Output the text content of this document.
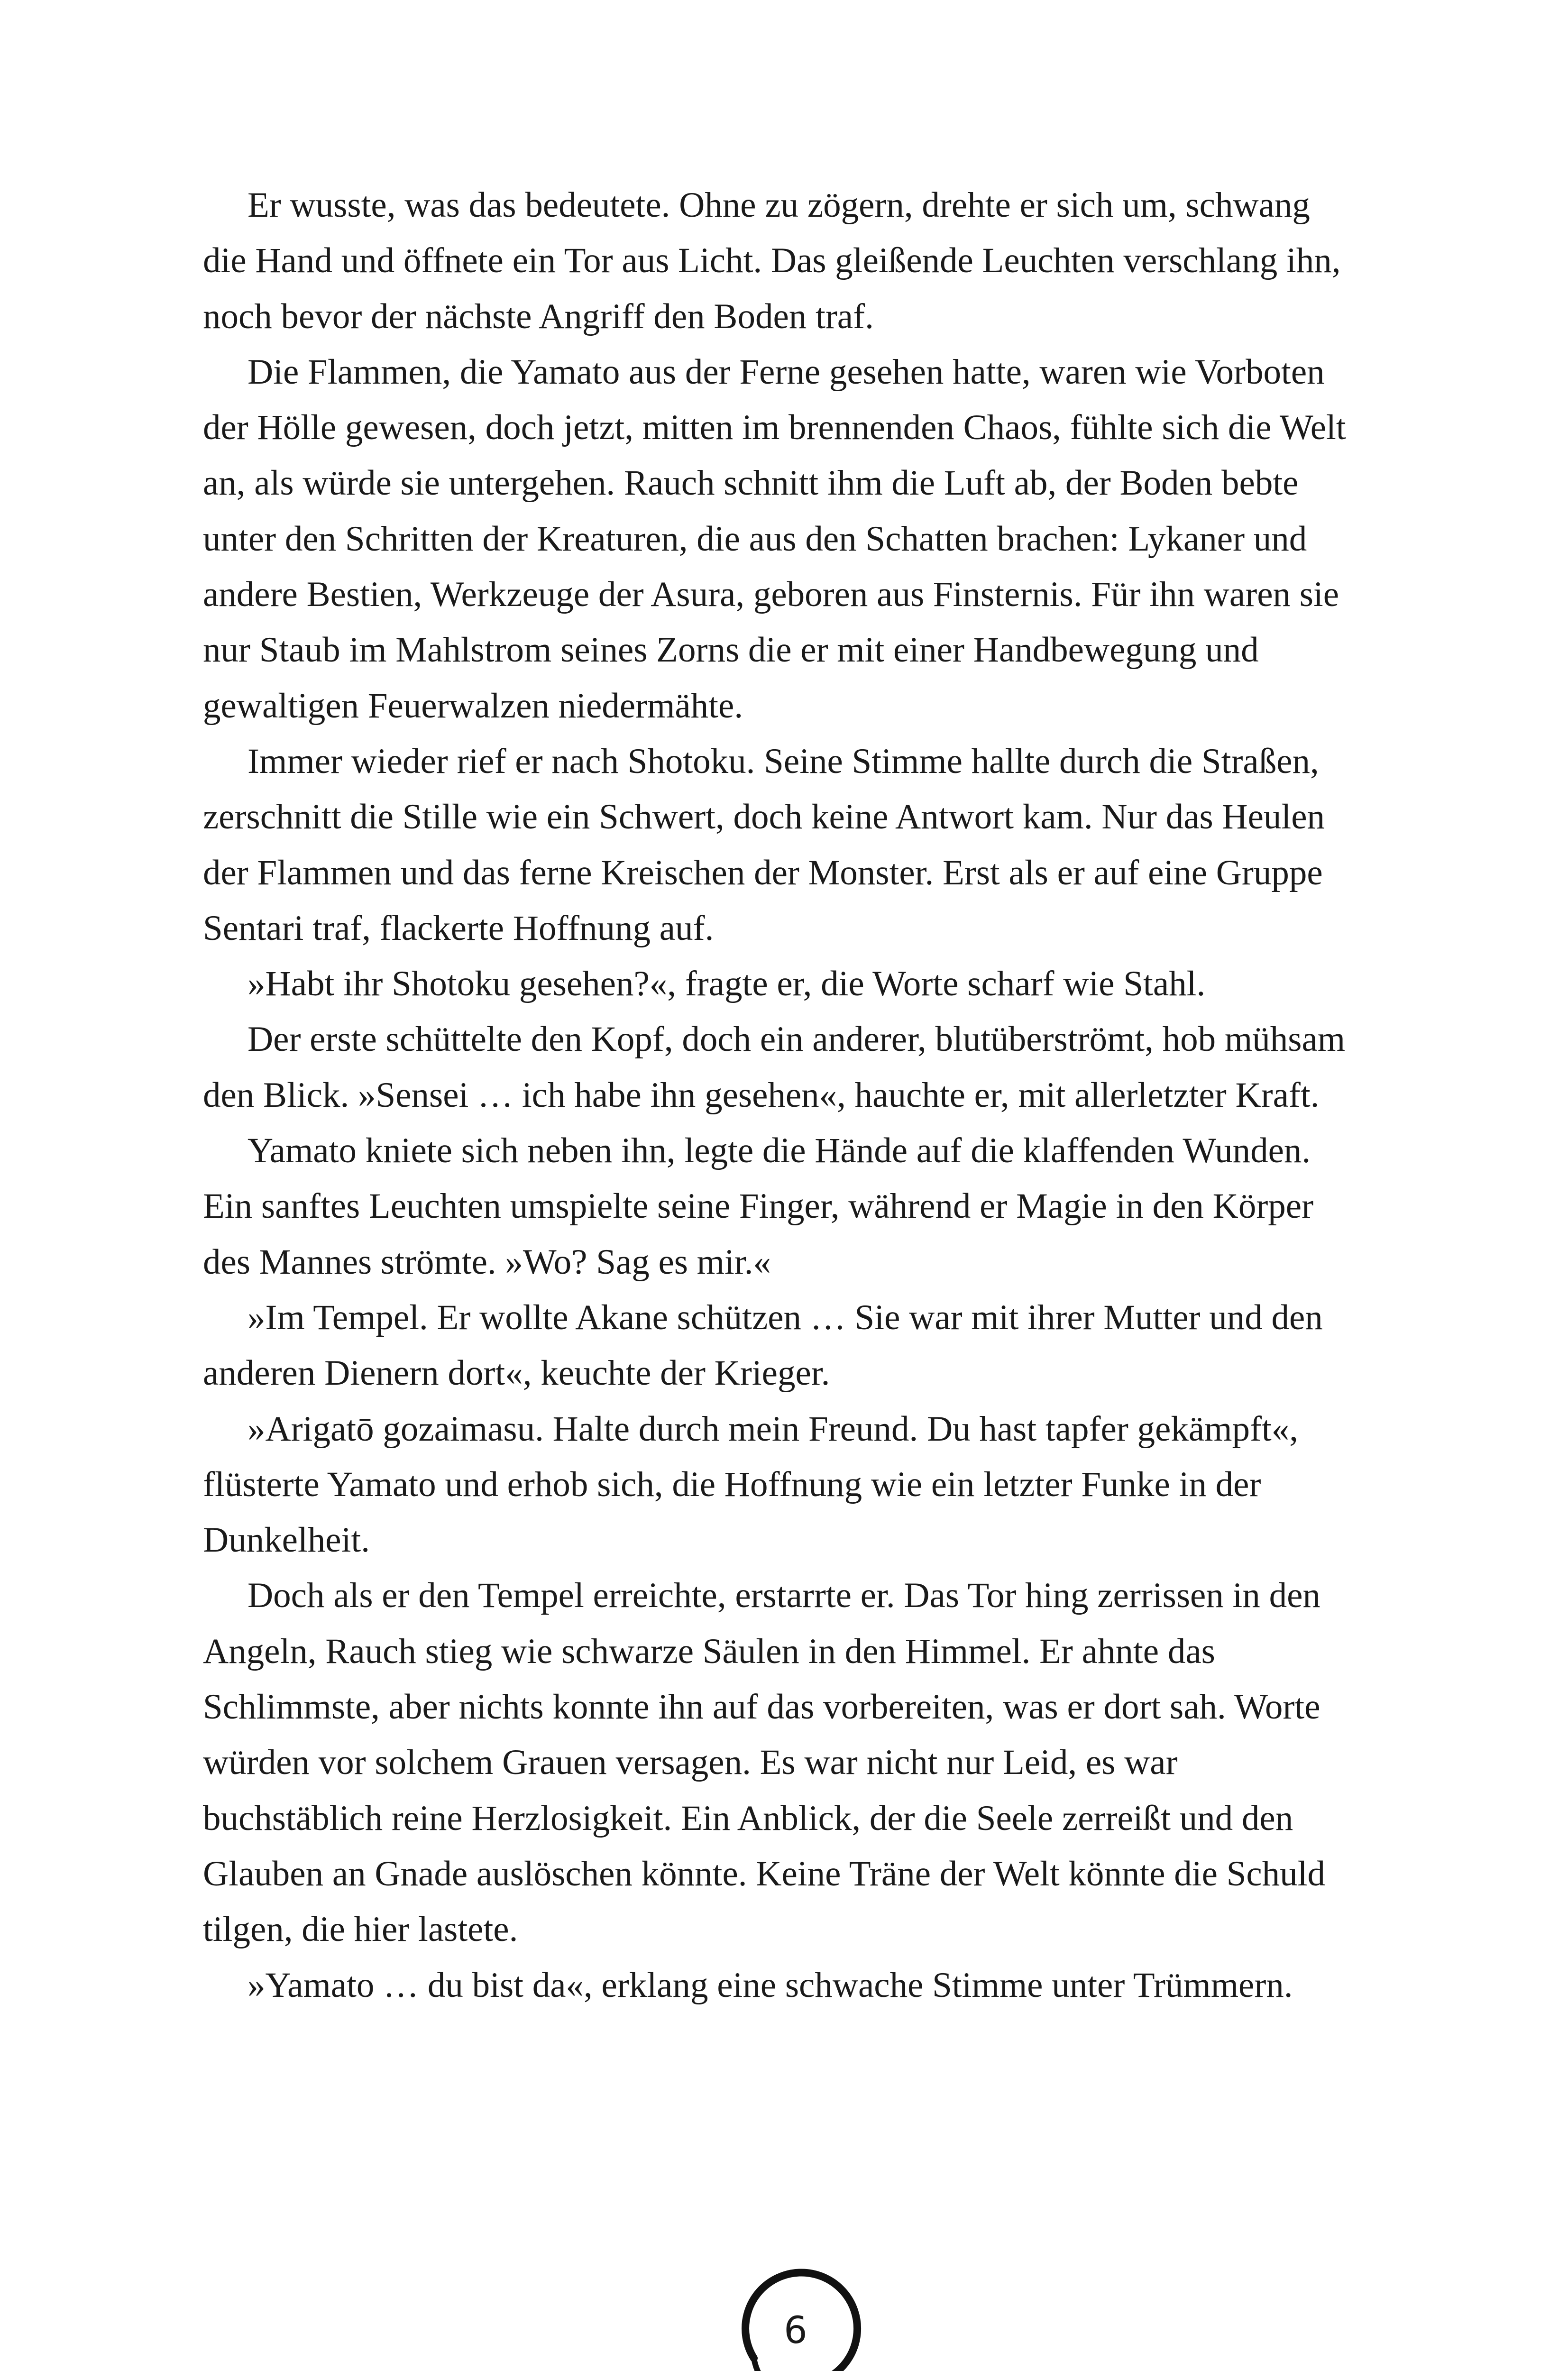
Er wusste, was das bedeutete. Ohne zu zögern, drehte er sich um, schwang die Hand und öffnete ein Tor aus Licht. Das gleißende Leuchten verschlang ihn, noch bevor der nächste Angriff den Boden traf.

Die Flammen, die Yamato aus der Ferne gesehen hatte, waren wie Vorboten der Hölle gewesen, doch jetzt, mitten im brennenden Chaos, fühlte sich die Welt an, als würde sie untergehen. Rauch schnitt ihm die Luft ab, der Boden bebte unter den Schritten der Kreaturen, die aus den Schatten brachen: Lykaner und andere Bestien, Werkzeuge der Asura, geboren aus Finsternis. Für ihn waren sie nur Staub im Mahlstrom seines Zorns die er mit einer Handbewegung und gewaltigen Feuerwalzen niedermähte.

Immer wieder rief er nach Shotoku. Seine Stimme hallte durch die Straßen, zerschnitt die Stille wie ein Schwert, doch keine Antwort kam. Nur das Heulen der Flammen und das ferne Kreischen der Monster. Erst als er auf eine Gruppe Sentari traf, flackerte Hoffnung auf.

»Habt ihr Shotoku gesehen?«, fragte er, die Worte scharf wie Stahl.

Der erste schüttelte den Kopf, doch ein anderer, blutüberströmt, hob mühsam den Blick. »Sensei … ich habe ihn gesehen«, hauchte er, mit allerletzter Kraft.

Yamato kniete sich neben ihn, legte die Hände auf die klaffenden Wunden. Ein sanftes Leuchten umspielte seine Finger, während er Magie in den Körper des Mannes strömte. »Wo? Sag es mir.«

»Im Tempel. Er wollte Akane schützen … Sie war mit ihrer Mutter und den anderen Dienern dort«, keuchte der Krieger.

»Arigatō gozaimasu. Halte durch mein Freund. Du hast tapfer gekämpft«, flüsterte Yamato und erhob sich, die Hoffnung wie ein letzter Funke in der Dunkelheit.

Doch als er den Tempel erreichte, erstarrte er. Das Tor hing zerrissen in den Angeln, Rauch stieg wie schwarze Säulen in den Himmel. Er ahnte das Schlimmste, aber nichts konnte ihn auf das vorbereiten, was er dort sah. Worte würden vor solchem Grauen versagen. Es war nicht nur Leid, es war buchstäblich reine Herzlosigkeit. Ein Anblick, der die Seele zerreißt und den Glauben an Gnade auslöschen könnte. Keine Träne der Welt könnte die Schuld tilgen, die hier lastete.

»Yamato … du bist da«, erklang eine schwache Stimme unter Trümmern.

6
